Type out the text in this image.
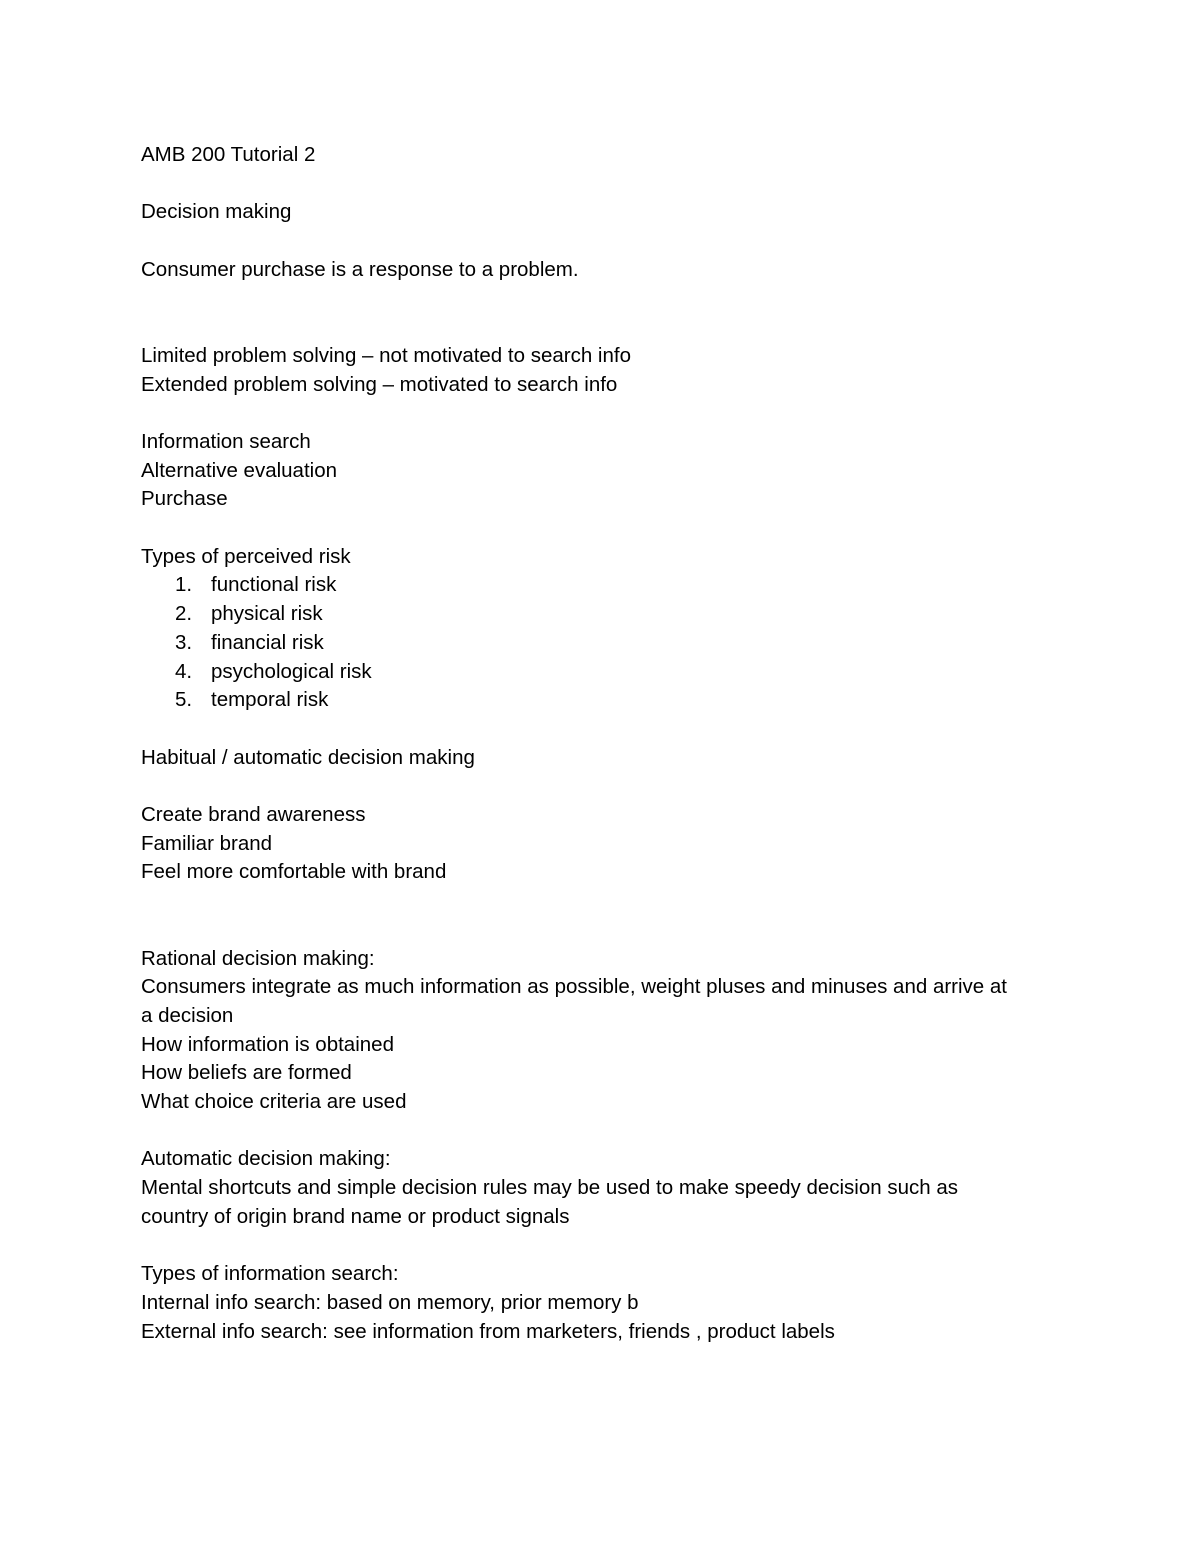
AMB 200 Tutorial 2
Decision making
Consumer purchase is a response to a problem.
Limited problem solving – not motivated to search info
Extended problem solving – motivated to search info
Information search
Alternative evaluation
Purchase
Types of perceived risk
1. functional risk
2. physical risk
3. financial risk
4. psychological risk
5. temporal risk
Habitual / automatic decision making
Create brand awareness
Familiar brand
Feel more comfortable with brand
Rational decision making:
Consumers integrate as much information as possible, weight pluses and minuses and arrive at
a decision
How information is obtained
How beliefs are formed
What choice criteria are used
Automatic decision making:
Mental shortcuts and simple decision rules may be used to make speedy decision such as
country of origin brand name or product signals
Types of information search:
Internal info search: based on memory, prior memory b
External info search: see information from marketers, friends , product labels
